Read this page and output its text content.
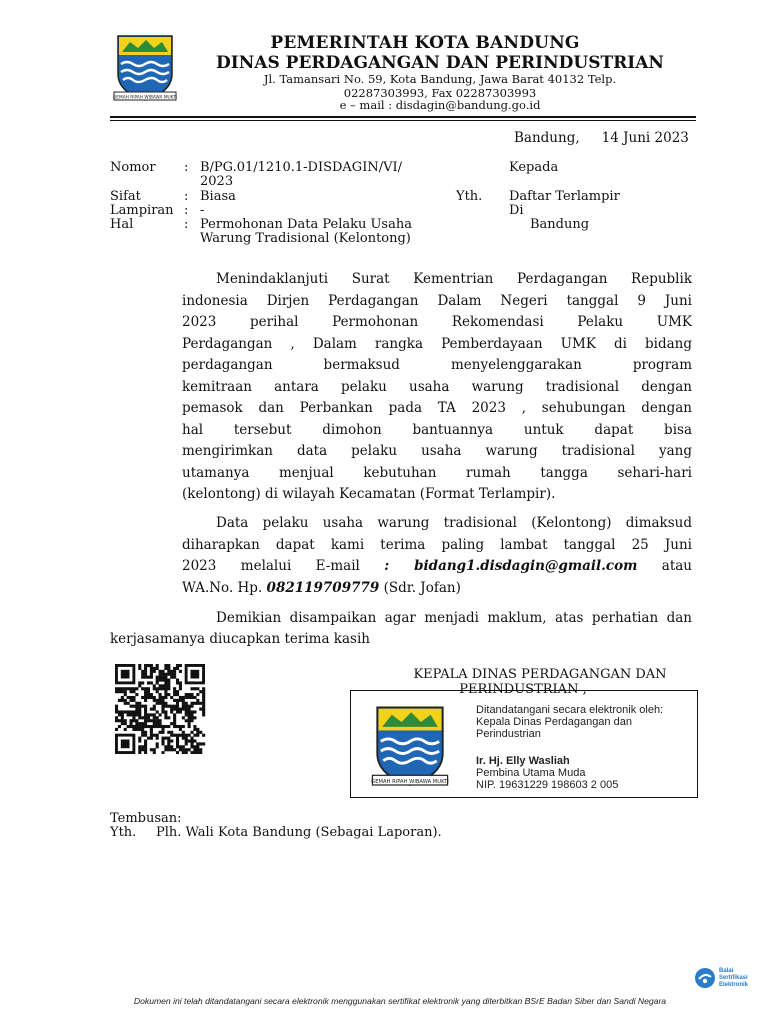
GEMAH RIPAH WIBAWA MUKTI
PEMERINTAH KOTA BANDUNG
DINAS PERDAGANGAN DAN PERINDUSTRIAN
Jl. Tamansari No. 59, Kota Bandung, Jawa Barat 40132 Telp.
02287303993, Fax 02287303993
e – mail : disdagin@bandung.go.id
Bandung, 14 Juni 2023
Nomor : B/PG.01/1210.1-DISDAGIN/VI/
2023
Sifat	: Biasa
Lampiran : -
Hal	: Permohonan Data Pelaku Usaha
Warung Tradisional (Kelontong)
Kepada
Yth. Daftar Terlampir
Di
Bandung
Menindaklanjuti Surat Kementrian Perdagangan Republik
indonesia Dirjen Perdagangan Dalam Negeri tanggal 9 Juni
2023 perihal Permohonan Rekomendasi Pelaku UMK
Perdagangan , Dalam rangka Pemberdayaan UMK di bidang
perdagangan bermaksud menyelenggarakan program
kemitraan antara pelaku usaha warung tradisional dengan
pemasok dan Perbankan pada TA 2023 , sehubungan dengan
hal tersebut dimohon bantuannya untuk dapat bisa
mengirimkan data pelaku usaha warung tradisional yang
utamanya menjual kebutuhan rumah tangga sehari-hari
(kelontong) di wilayah Kecamatan (Format Terlampir).
Data pelaku usaha warung tradisional (Kelontong) dimaksud
diharapkan dapat kami terima paling lambat tanggal 25 Juni
2023 melalui E-mail : bidang1.disdagin@gmail.com atau
WA.No. Hp. 082119709779 (Sdr. Jofan)
Demikian disampaikan agar menjadi maklum, atas perhatian dan
kerjasamanya diucapkan terima kasih
KEPALA DINAS PERDAGANGAN DAN
PERINDUSTRIAN ,
GEMAH RIPAH WIBAWA MUKTI
Ditandatangani secara elektronik oleh:
Kepala Dinas Perdagangan dan
Perindustrian
Ir. Hj. Elly Wasliah
Pembina Utama Muda
NIP. 19631229 198603 2 005
Tembusan:
Yth. Plh. Wali Kota Bandung (Sebagai Laporan).
Balai
Sertifikasi
Elektronik
Dokumen ini telah ditandatangani secara elektronik menggunakan sertifikat elektronik yang diterbitkan BSrE Badan Siber dan Sandi Negara
